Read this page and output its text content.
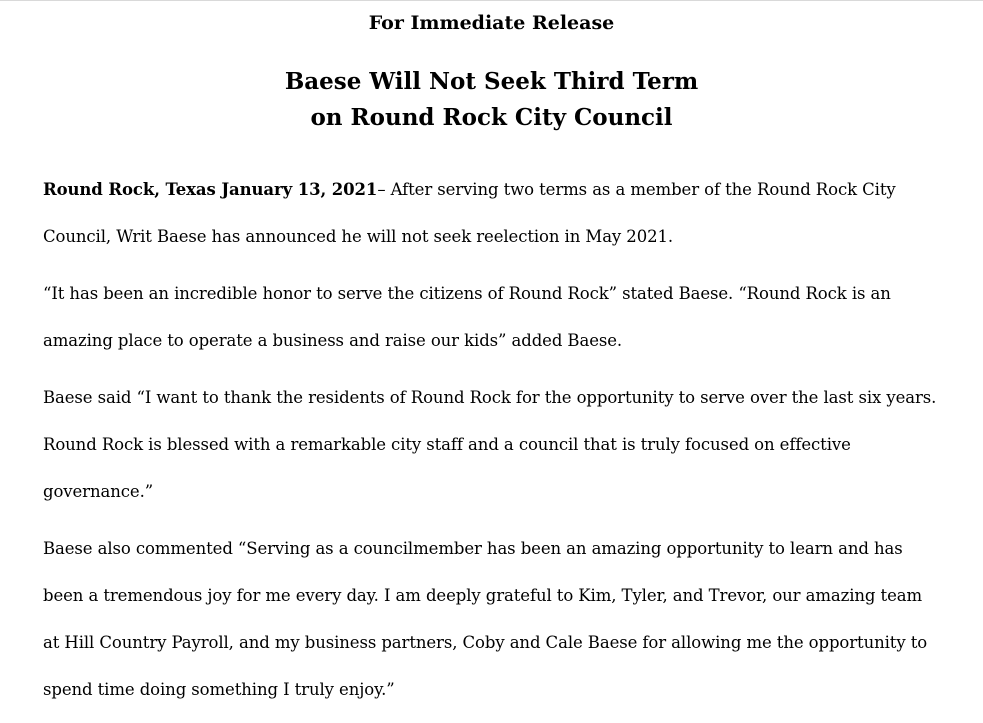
For Immediate Release
Baese Will Not Seek Third Term
on Round Rock City Council

Round Rock, Texas January 13, 2021– After serving two terms as a member of the Round Rock City Council, Writ Baese has announced he will not seek reelection in May 2021.

“It has been an incredible honor to serve the citizens of Round Rock” stated Baese. “Round Rock is an amazing place to operate a business and raise our kids” added Baese.

Baese said “I want to thank the residents of Round Rock for the opportunity to serve over the last six years. Round Rock is blessed with a remarkable city staff and a council that is truly focused on effective governance.”

Baese also commented “Serving as a councilmember has been an amazing opportunity to learn and has been a tremendous joy for me every day. I am deeply grateful to Kim, Tyler, and Trevor, our amazing team at Hill Country Payroll, and my business partners, Coby and Cale Baese for allowing me the opportunity to spend time doing something I truly enjoy.”
